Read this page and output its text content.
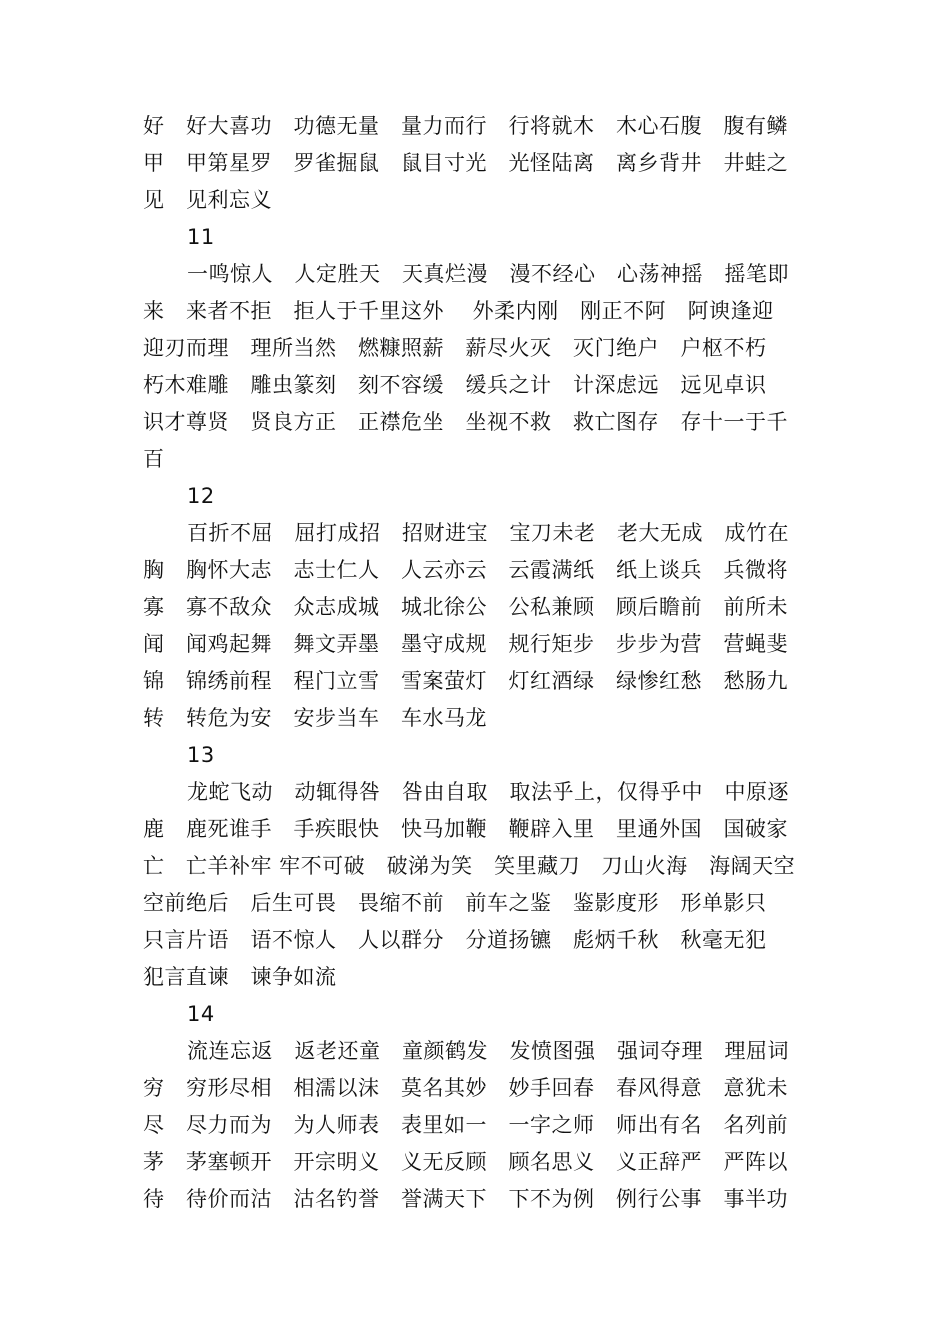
好　好大喜功　功德无量　量力而行　行将就木　木心石腹　腹有鳞
甲　甲第星罗　罗雀掘鼠　鼠目寸光　光怪陆离　离乡背井　井蛙之
见　见利忘义
11
一鸣惊人　人定胜天　天真烂漫　漫不经心　心荡神摇　摇笔即
来　来者不拒　拒人于千里这外　 外柔内刚　刚正不阿　阿谀逢迎
迎刃而理　理所当然　燃糠照薪　薪尽火灭　灭门绝户　户枢不朽
朽木难雕　雕虫篆刻　刻不容缓　缓兵之计　计深虑远　远见卓识
识才尊贤　贤良方正　正襟危坐　坐视不救　救亡图存　存十一于千
百
12
百折不屈　屈打成招　招财进宝　宝刀未老　老大无成　成竹在
胸　胸怀大志　志士仁人　人云亦云　云霞满纸　纸上谈兵　兵微将
寡　寡不敌众　众志成城　城北徐公　公私兼顾　顾后瞻前　前所未
闻　闻鸡起舞　舞文弄墨　墨守成规　规行矩步　步步为营　营蝇斐
锦　锦绣前程　程门立雪　雪案萤灯　灯红酒绿　绿惨红愁　愁肠九
转　转危为安　安步当车　车水马龙
13
龙蛇飞动　动辄得咎　咎由自取　取法乎上，仅得乎中　中原逐
鹿　鹿死谁手　手疾眼快　快马加鞭　鞭辟入里　里通外国　国破家
亡　亡羊补牢 牢不可破　破涕为笑　笑里藏刀　刀山火海　海阔天空
空前绝后　后生可畏　畏缩不前　前车之鉴　鉴影度形　形单影只
只言片语　语不惊人　人以群分　分道扬镳　彪炳千秋　秋毫无犯
犯言直谏　谏争如流
14
流连忘返　返老还童　童颜鹤发　发愤图强　强词夺理　理屈词
穷　穷形尽相　相濡以沫　莫名其妙　妙手回春　春风得意　意犹未
尽　尽力而为　为人师表　表里如一　一字之师　师出有名　名列前
茅　茅塞顿开　开宗明义　义无反顾　顾名思义　义正辞严　严阵以
待　待价而沽　沽名钓誉　誉满天下　下不为例　例行公事　事半功
